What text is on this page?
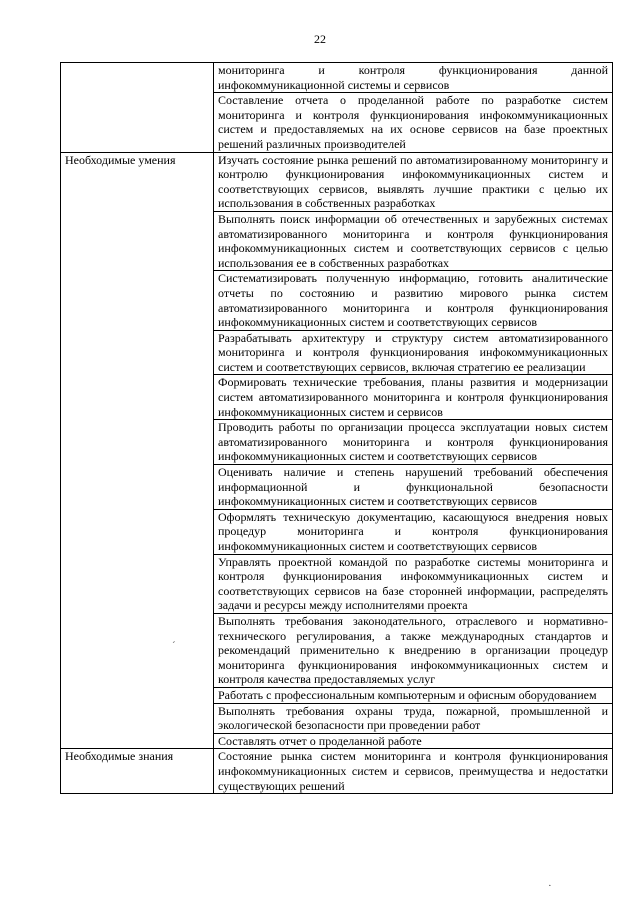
22
	мониторинга и контроля функционирования данной инфокоммуникационной системы и сервисов
	Составление отчета о проделанной работе по разработке систем мониторинга и контроля функционирования инфокоммуникационных систем и предоставляемых на их основе сервисов на базе проектных решений различных производителей
Необходимые умения	Изучать состояние рынка решений по автоматизированному мониторингу и контролю функционирования инфокоммуникационных систем и соответствующих сервисов, выявлять лучшие практики с целью их использования в собственных разработках
	Выполнять поиск информации об отечественных и зарубежных системах автоматизированного мониторинга и контроля функционирования инфокоммуникационных систем и соответствующих сервисов с целью использования ее в собственных разработках
	Систематизировать полученную информацию, готовить аналитические отчеты по состоянию и развитию мирового рынка систем автоматизированного мониторинга и контроля функционирования инфокоммуникационных систем и соответствующих сервисов
	Разрабатывать архитектуру и структуру систем автоматизированного мониторинга и контроля функционирования инфокоммуникационных систем и соответствующих сервисов, включая стратегию ее реализации
	Формировать технические требования, планы развития и модернизации систем автоматизированного мониторинга и контроля функционирования инфокоммуникационных систем и сервисов
	Проводить работы по организации процесса эксплуатации новых систем автоматизированного мониторинга и контроля функционирования инфокоммуникационных систем и соответствующих сервисов
	Оценивать наличие и степень нарушений требований обеспечения информационной и функциональной безопасности инфокоммуникационных систем и соответствующих сервисов
	Оформлять техническую документацию, касающуюся внедрения новых процедур мониторинга и контроля функционирования инфокоммуникационных систем и соответствующих сервисов
	Управлять проектной командой по разработке системы мониторинга и контроля функционирования инфокоммуникационных систем и соответствующих сервисов на базе сторонней информации, распределять задачи и ресурсы между исполнителями проекта
	Выполнять требования законодательного, отраслевого и нормативно-технического регулирования, а также международных стандартов и рекомендаций применительно к внедрению в организации процедур мониторинга функционирования инфокоммуникационных систем и контроля качества предоставляемых услуг
	Работать с профессиональным компьютерным и офисным оборудованием
	Выполнять требования охраны труда, пожарной, промышленной и экологической безопасности при проведении работ
	Составлять отчет о проделанной работе
Необходимые знания	Состояние рынка систем мониторинга и контроля функционирования инфокоммуникационных систем и сервисов, преимущества и недостатки существующих решений
ˊ
·
